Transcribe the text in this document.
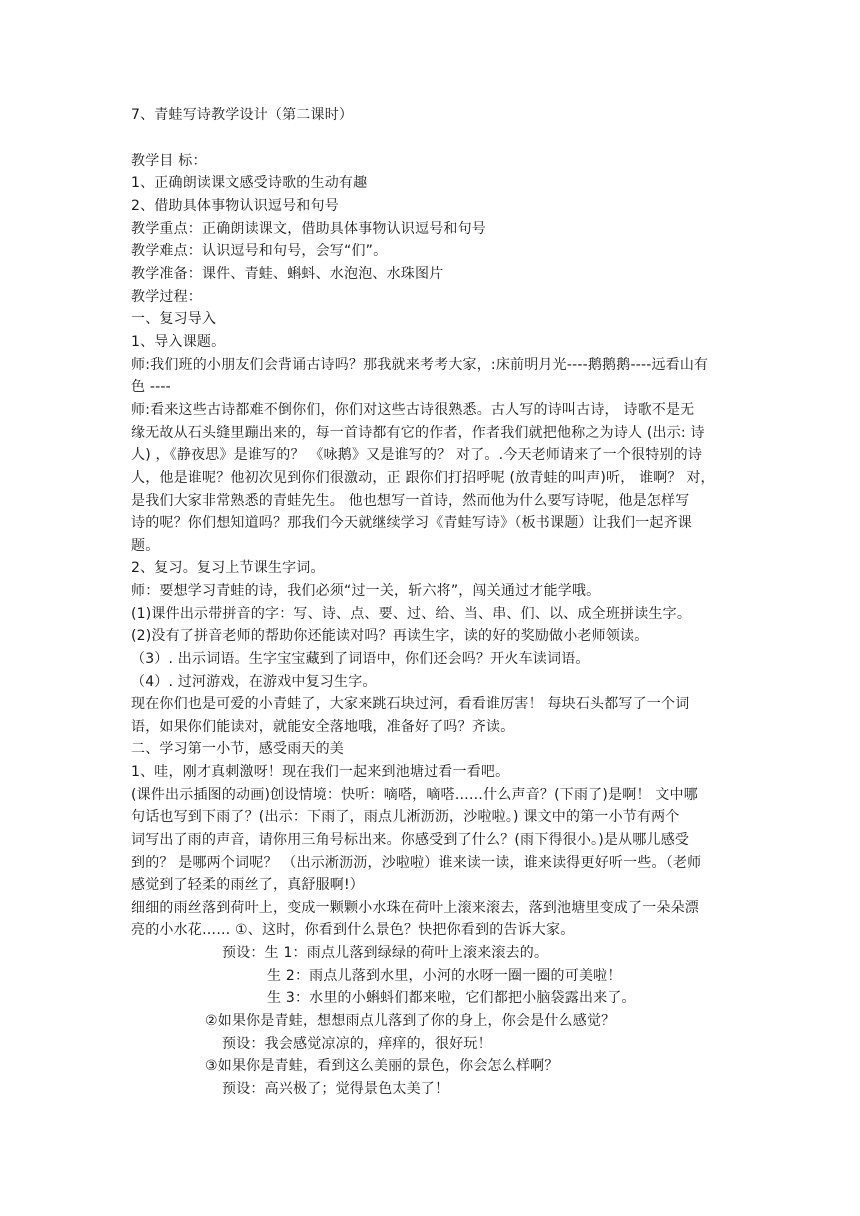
7、青蛙写诗教学设计（第二课时）
教学目 标：
1、正确朗读课文感受诗歌的生动有趣
2、借助具体事物认识逗号和句号
教学重点：正确朗读课文，借助具体事物认识逗号和句号
教学难点：认识逗号和句号，会写“们”。
教学准备：课件、青蛙、蝌蚪、水泡泡、水珠图片
教学过程：
一、复习导入
1、导入课题。
师:我们班的小朋友们会背诵古诗吗？那我就来考考大家，:床前明月光----鹅鹅鹅----远看山有
色 ----
师:看来这些古诗都难不倒你们，你们对这些古诗很熟悉。古人写的诗叫古诗， 诗歌不是无
缘无故从石头缝里蹦出来的，每一首诗都有它的作者，作者我们就把他称之为诗人 (出示: 诗
人) ，《静夜思》是谁写的？ 《咏鹅》又是谁写的？ 对了。.今天老师请来了一个很特别的诗
人，他是谁呢？他初次见到你们很激动，正 跟你们打招呼呢 (放青蛙的叫声)听， 谁啊？ 对，
是我们大家非常熟悉的青蛙先生。 他也想写一首诗，然而他为什么要写诗呢，他是怎样写
诗的呢？你们想知道吗？那我们今天就继续学习《青蛙写诗》（板书课题）让我们一起齐课
题。
2、复习。复习上节课生字词。
师：要想学习青蛙的诗，我们必须“过一关，斩六将”，闯关通过才能学哦。
(1)课件出示带拼音的字：写、诗、点、要、过、给、当、串、们、以、成全班拼读生字。
(2)没有了拼音老师的帮助你还能读对吗？再读生字，读的好的奖励做小老师领读。
（3）. 出示词语。生字宝宝藏到了词语中，你们还会吗？开火车读词语。
（4）. 过河游戏，在游戏中复习生字。
现在你们也是可爱的小青蛙了，大家来跳石块过河，看看谁厉害！ 每块石头都写了一个词
语，如果你们能读对，就能安全落地哦，准备好了吗？齐读。
二、学习第一小节，感受雨天的美
1、哇，刚才真刺激呀！现在我们一起来到池塘过看一看吧。
(课件出示插图的动画)创设情境：快听：嘀嗒，嘀嗒……什么声音？(下雨了)是啊！ 文中哪
句话也写到下雨了？(出示：下雨了，雨点儿淅沥沥，沙啦啦。) 课文中的第一小节有两个
词写出了雨的声音，请你用三角号标出来。你感受到了什么？(雨下得很小。)是从哪儿感受
到的？ 是哪两个词呢？ （出示淅沥沥，沙啦啦）谁来读一读，谁来读得更好听一些。（老师
感觉到了轻柔的雨丝了，真舒服啊!）
细细的雨丝落到荷叶上，变成一颗颗小水珠在荷叶上滚来滚去，落到池塘里变成了一朵朵漂
亮的小水花…… ①、这时，你看到什么景色？快把你看到的告诉大家。
预设：生 1：雨点儿落到绿绿的荷叶上滚来滚去的。
生 2：雨点儿落到水里，小河的水呀一圈一圈的可美啦！
生 3：水里的小蝌蚪们都来啦，它们都把小脑袋露出来了。
②如果你是青蛙，想想雨点儿落到了你的身上，你会是什么感觉？
预设：我会感觉凉凉的，痒痒的，很好玩！
③如果你是青蛙，看到这么美丽的景色，你会怎么样啊？
预设：高兴极了；觉得景色太美了！
